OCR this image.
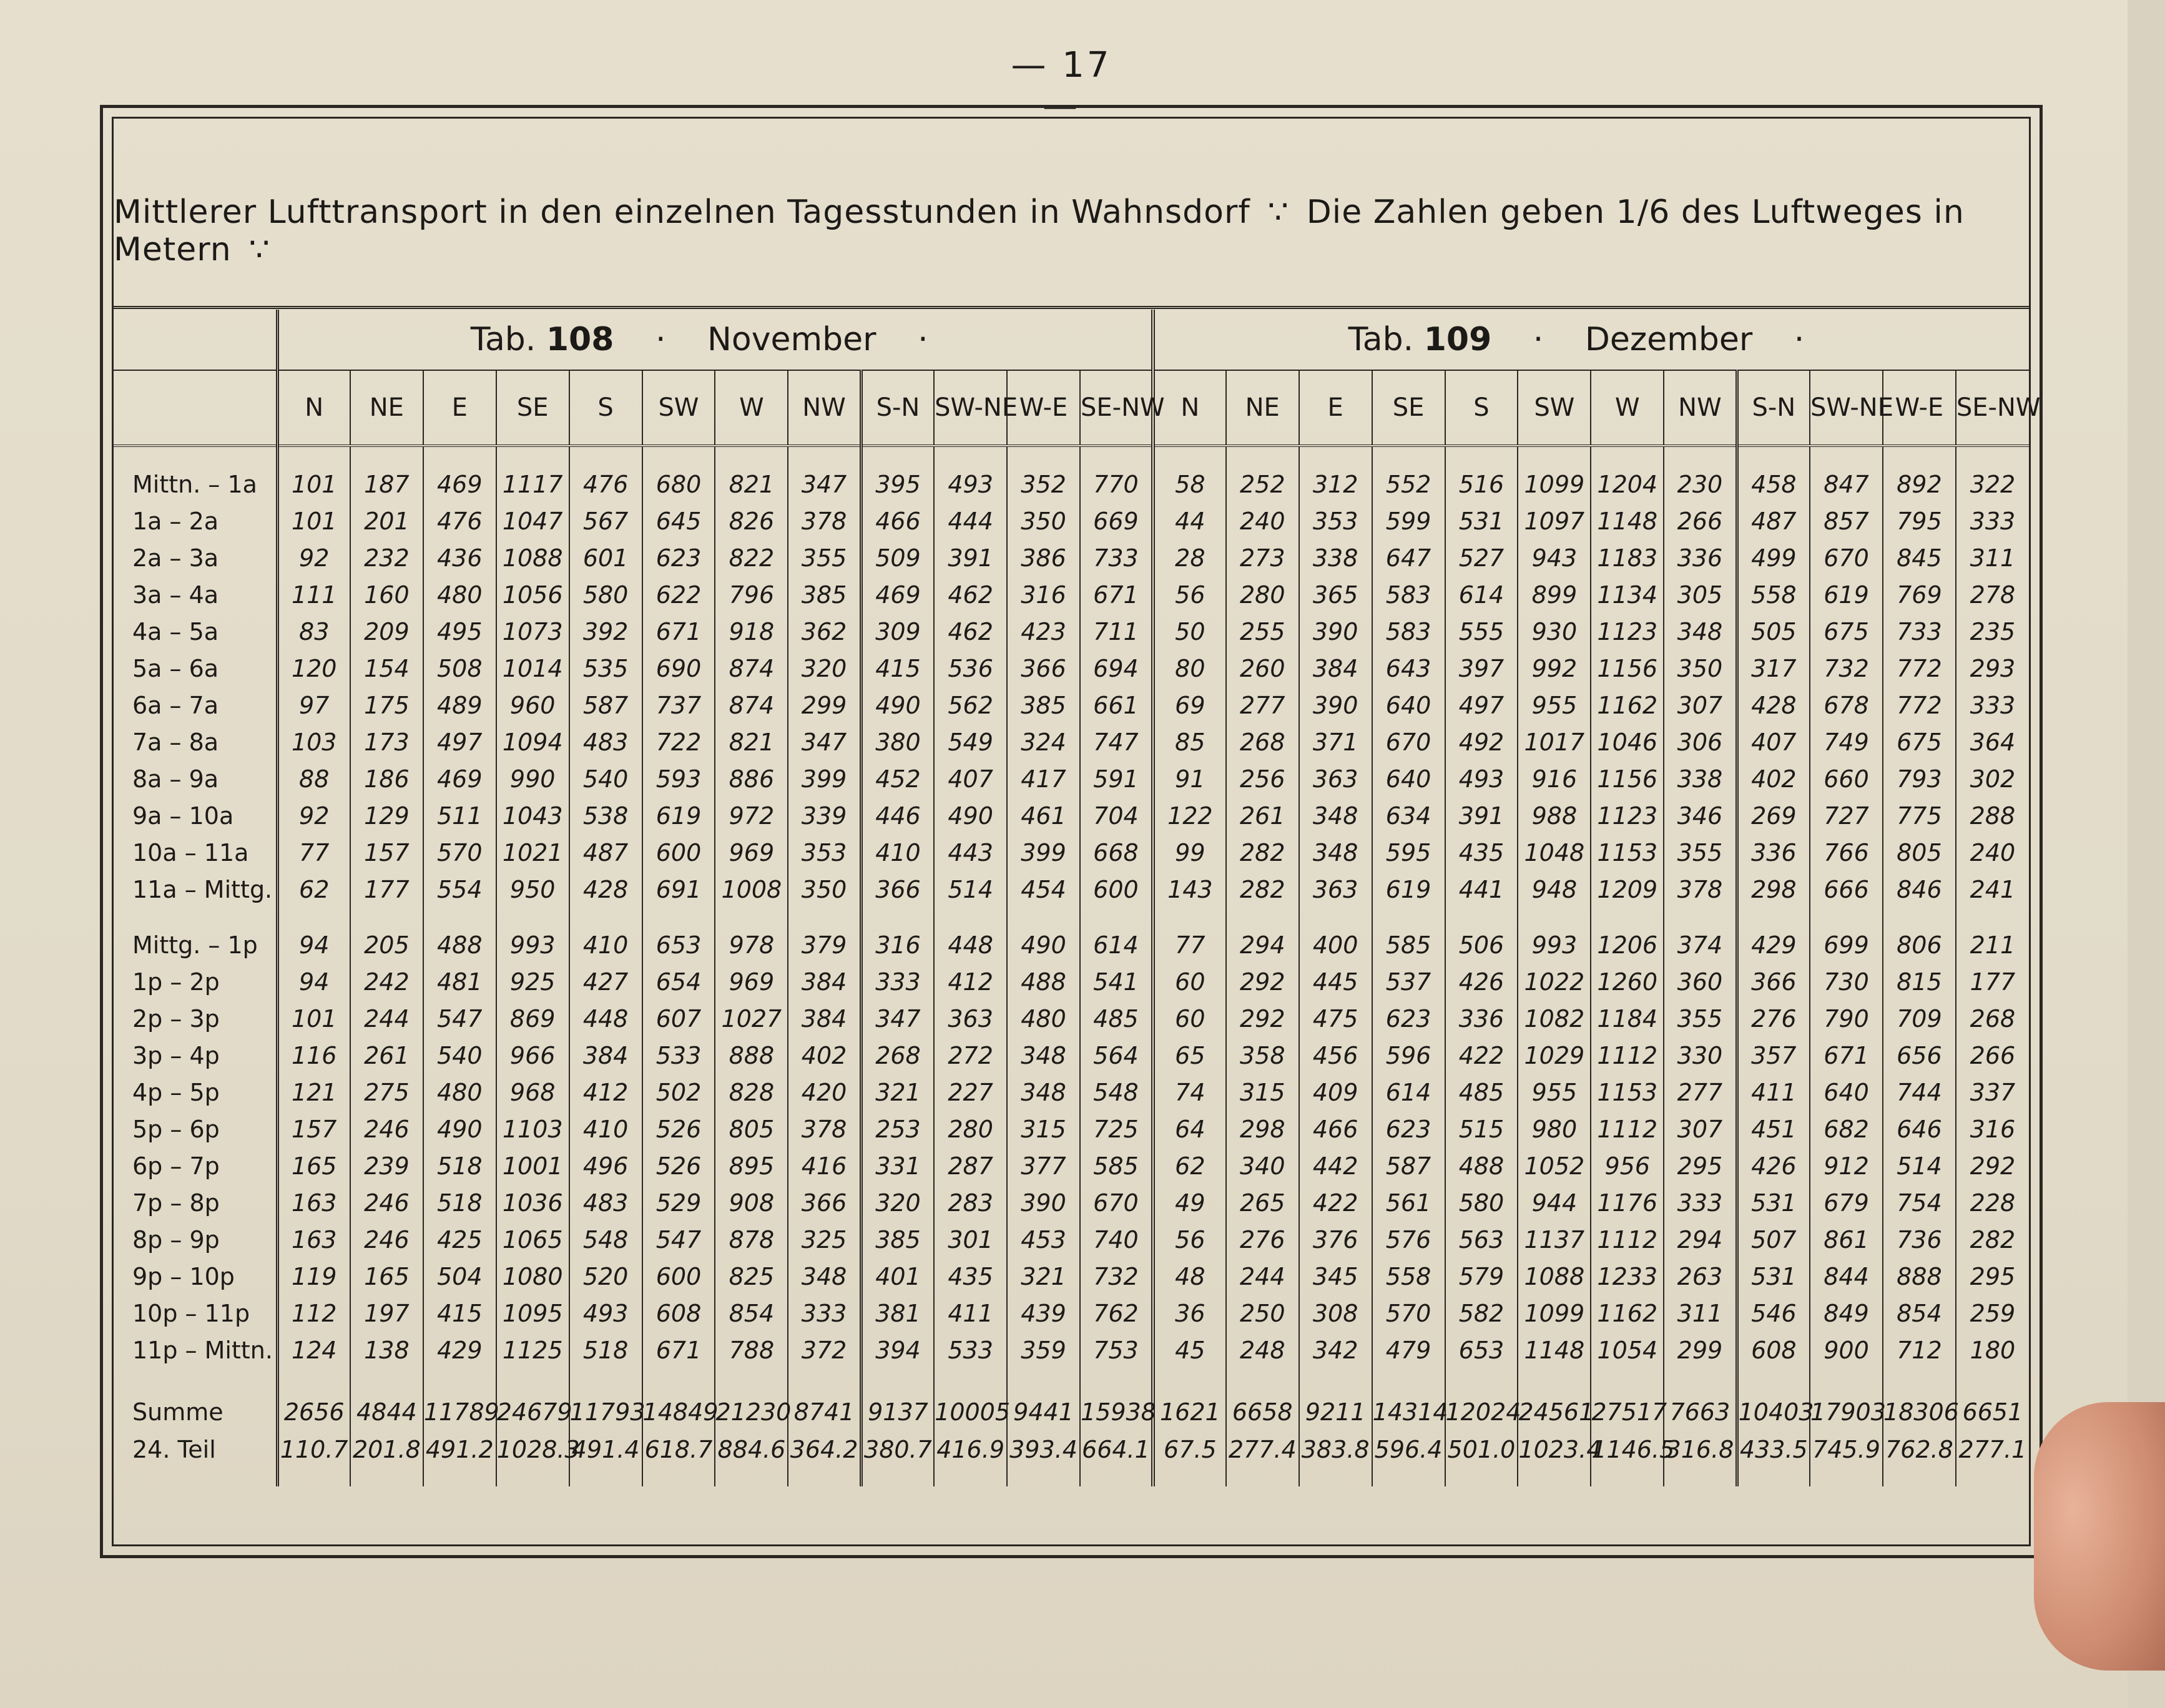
— 17 —
Mittlerer Lufttransport in den einzelnen Tagesstunden in Wahnsdorf ∵ Die Zahlen geben 1/6 des Luftweges in Metern ∵
	Tab. 108 · November ·												Tab. 109 · Dezember ·											
	N	NE	E	SE	S	SW	W	NW	S-N	SW-NE	W-E	SE-NW	N	NE	E	SE	S	SW	W	NW	S-N	SW-NE	W-E	SE-NW

Mittn. – 1a	101	187	469	1117	476	680	821	347	395	493	352	770	58	252	312	552	516	1099	1204	230	458	847	892	322
1a – 2a	101	201	476	1047	567	645	826	378	466	444	350	669	44	240	353	599	531	1097	1148	266	487	857	795	333
2a – 3a	92	232	436	1088	601	623	822	355	509	391	386	733	28	273	338	647	527	943	1183	336	499	670	845	311
3a – 4a	111	160	480	1056	580	622	796	385	469	462	316	671	56	280	365	583	614	899	1134	305	558	619	769	278
4a – 5a	83	209	495	1073	392	671	918	362	309	462	423	711	50	255	390	583	555	930	1123	348	505	675	733	235
5a – 6a	120	154	508	1014	535	690	874	320	415	536	366	694	80	260	384	643	397	992	1156	350	317	732	772	293
6a – 7a	97	175	489	960	587	737	874	299	490	562	385	661	69	277	390	640	497	955	1162	307	428	678	772	333
7a – 8a	103	173	497	1094	483	722	821	347	380	549	324	747	85	268	371	670	492	1017	1046	306	407	749	675	364
8a – 9a	88	186	469	990	540	593	886	399	452	407	417	591	91	256	363	640	493	916	1156	338	402	660	793	302
9a – 10a	92	129	511	1043	538	619	972	339	446	490	461	704	122	261	348	634	391	988	1123	346	269	727	775	288
10a – 11a	77	157	570	1021	487	600	969	353	410	443	399	668	99	282	348	595	435	1048	1153	355	336	766	805	240
11a – Mittg.	62	177	554	950	428	691	1008	350	366	514	454	600	143	282	363	619	441	948	1209	378	298	666	846	241

Mittg. – 1p	94	205	488	993	410	653	978	379	316	448	490	614	77	294	400	585	506	993	1206	374	429	699	806	211
1p – 2p	94	242	481	925	427	654	969	384	333	412	488	541	60	292	445	537	426	1022	1260	360	366	730	815	177
2p – 3p	101	244	547	869	448	607	1027	384	347	363	480	485	60	292	475	623	336	1082	1184	355	276	790	709	268
3p – 4p	116	261	540	966	384	533	888	402	268	272	348	564	65	358	456	596	422	1029	1112	330	357	671	656	266
4p – 5p	121	275	480	968	412	502	828	420	321	227	348	548	74	315	409	614	485	955	1153	277	411	640	744	337
5p – 6p	157	246	490	1103	410	526	805	378	253	280	315	725	64	298	466	623	515	980	1112	307	451	682	646	316
6p – 7p	165	239	518	1001	496	526	895	416	331	287	377	585	62	340	442	587	488	1052	956	295	426	912	514	292
7p – 8p	163	246	518	1036	483	529	908	366	320	283	390	670	49	265	422	561	580	944	1176	333	531	679	754	228
8p – 9p	163	246	425	1065	548	547	878	325	385	301	453	740	56	276	376	576	563	1137	1112	294	507	861	736	282
9p – 10p	119	165	504	1080	520	600	825	348	401	435	321	732	48	244	345	558	579	1088	1233	263	531	844	888	295
10p – 11p	112	197	415	1095	493	608	854	333	381	411	439	762	36	250	308	570	582	1099	1162	311	546	849	854	259
11p – Mittn.	124	138	429	1125	518	671	788	372	394	533	359	753	45	248	342	479	653	1148	1054	299	608	900	712	180
Summe	2656	4844	11789	24679	11793	14849	21230	8741	9137	10005	9441	15938	1621	6658	9211	14314	12024	24561	27517	7663	10403	17903	18306	6651
24. Teil	110.7	201.8	491.2	1028.3	491.4	618.7	884.6	364.2	380.7	416.9	393.4	664.1	67.5	277.4	383.8	596.4	501.0	1023.4	1146.5	316.8	433.5	745.9	762.8	277.1
